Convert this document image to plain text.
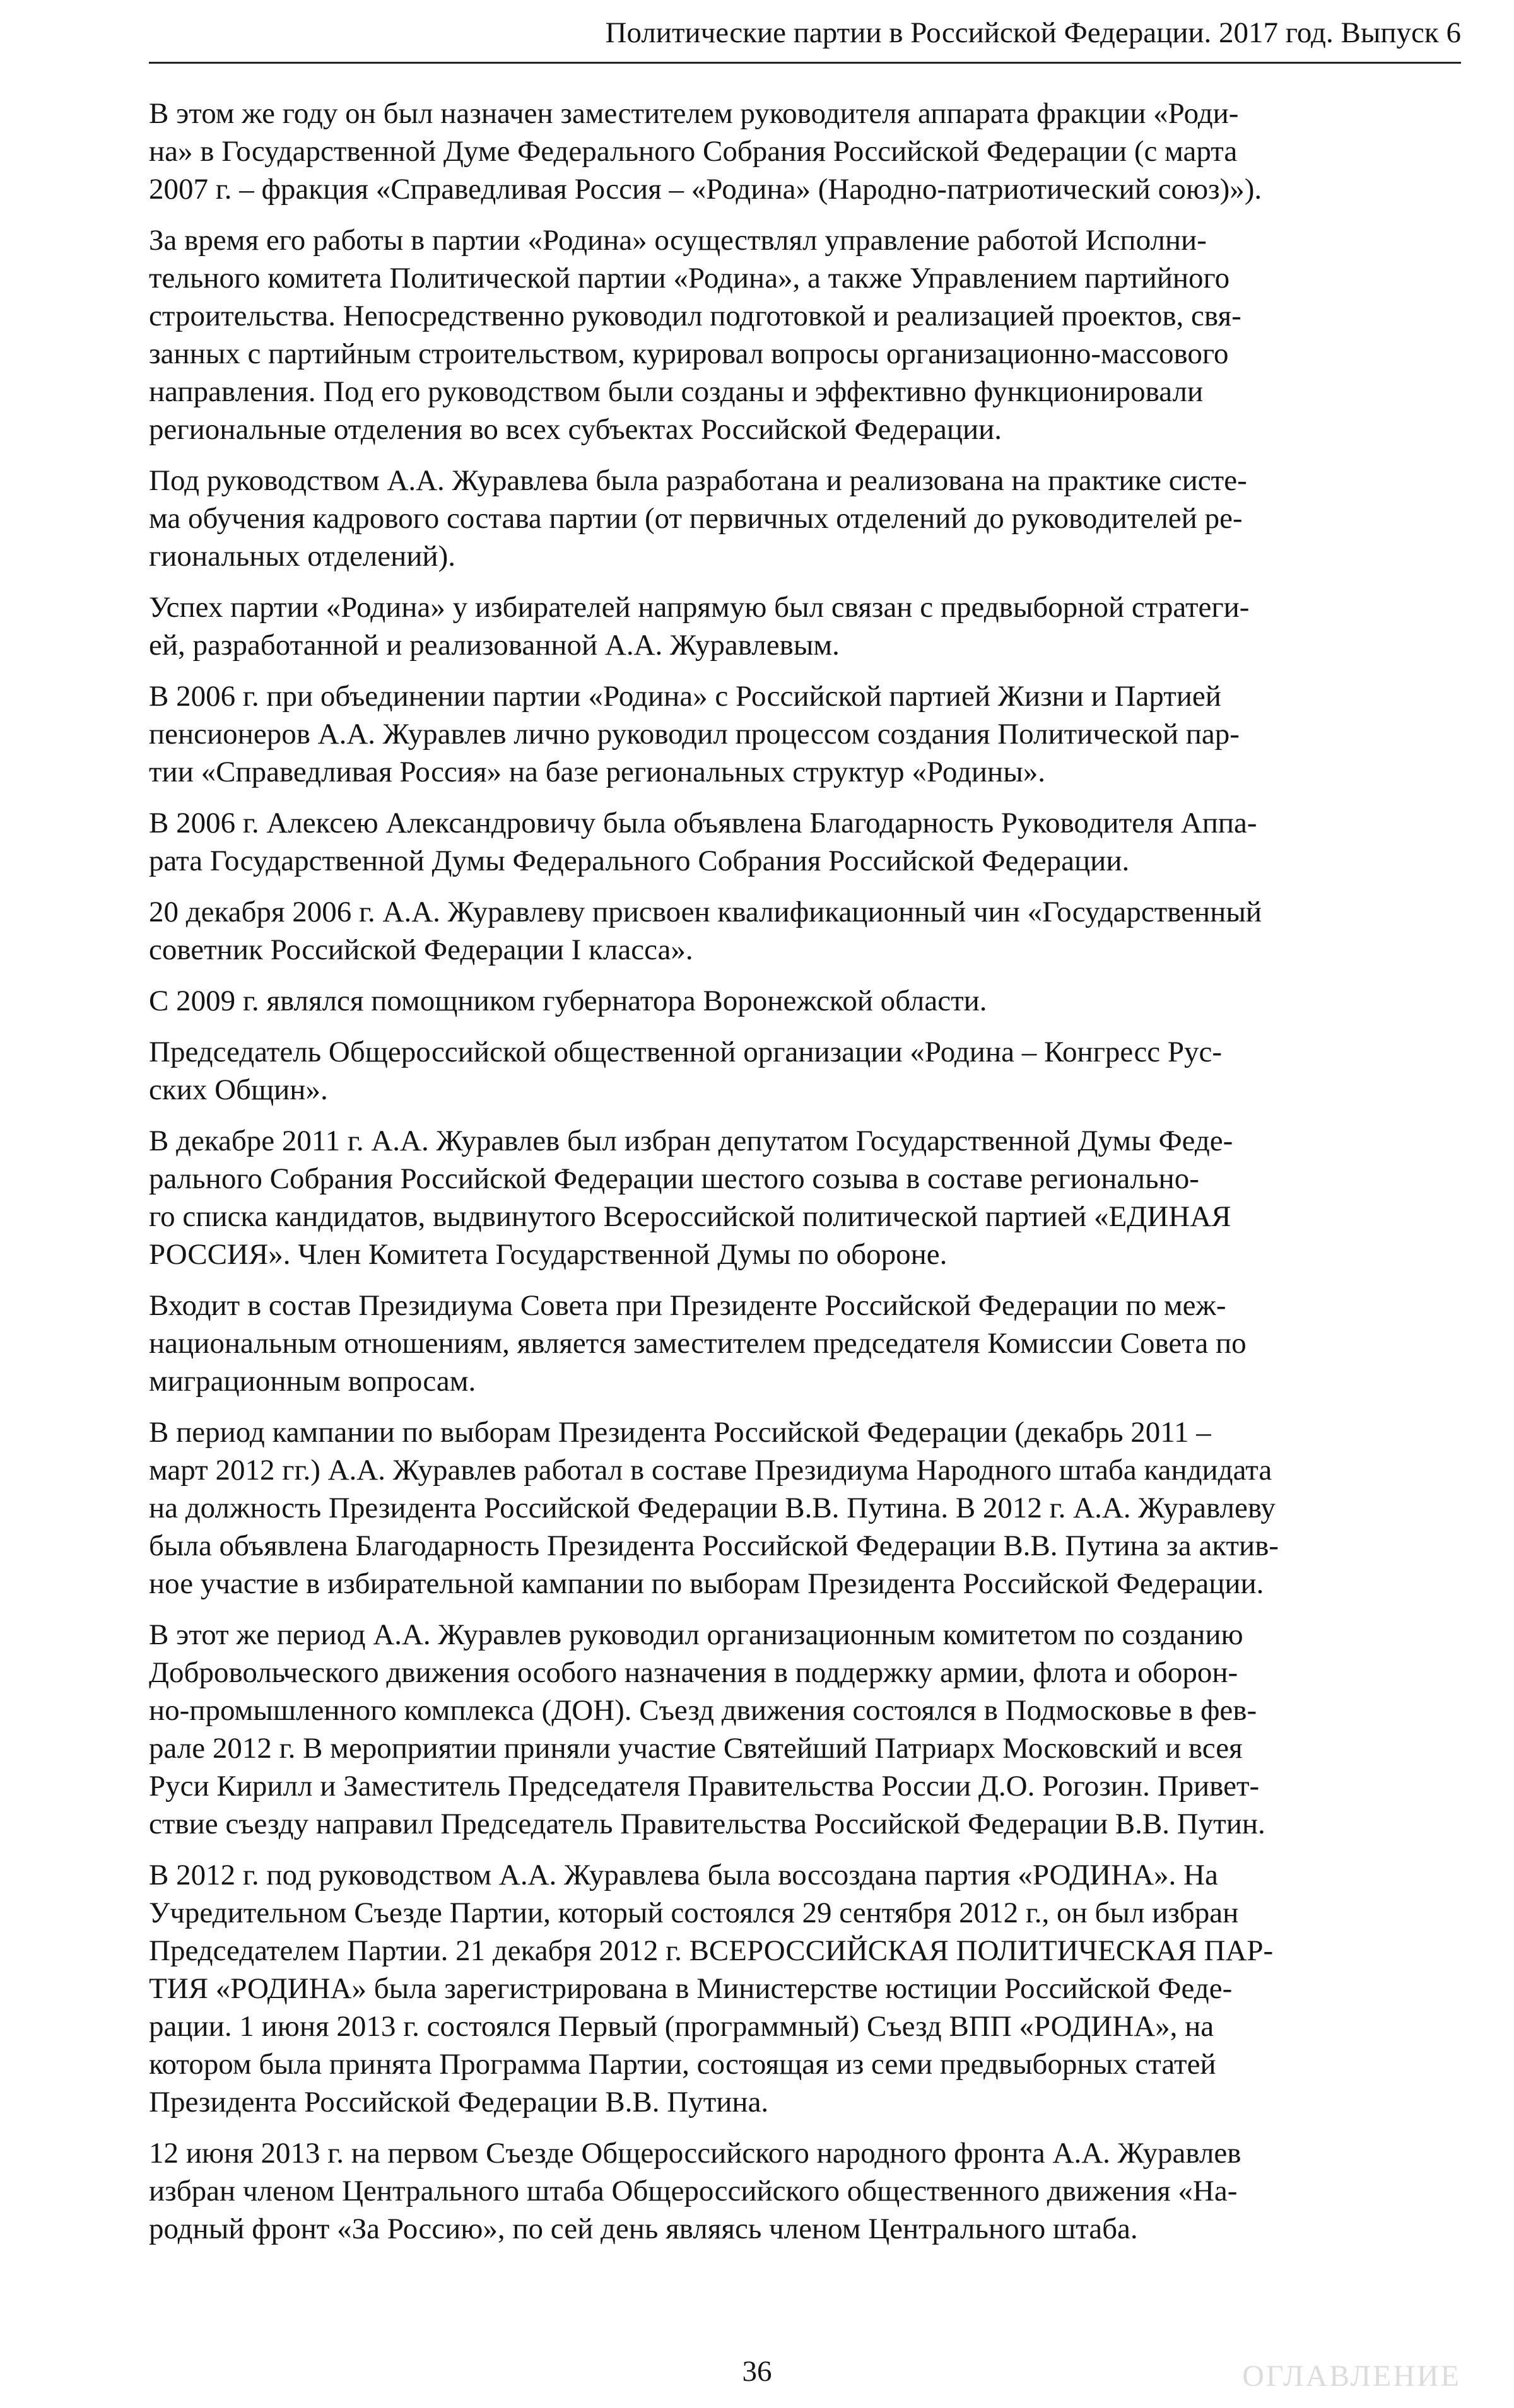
Политические партии в Российской Федерации. 2017 год. Выпуск 6

В этом же году он был назначен заместителем руководителя аппарата фракции «Роди-
на» в Государственной Думе Федерального Собрания Российской Федерации (с марта
2007 г. – фракция «Справедливая Россия – «Родина» (Народно-патриотический союз)»).

За время его работы в партии «Родина» осуществлял управление работой Исполни-
тельного комитета Политической партии «Родина», а также Управлением партийного
строительства. Непосредственно руководил подготовкой и реализацией проектов, свя-
занных с партийным строительством, курировал вопросы организационно-массового
направления. Под его руководством были созданы и эффективно функционировали
региональные отделения во всех субъектах Российской Федерации.

Под руководством А.А. Журавлева была разработана и реализована на практике систе-
ма обучения кадрового состава партии (от первичных отделений до руководителей ре-
гиональных отделений).

Успех партии «Родина» у избирателей напрямую был связан с предвыборной стратеги-
ей, разработанной и реализованной А.А. Журавлевым.

В 2006 г. при объединении партии «Родина» с Российской партией Жизни и Партией
пенсионеров А.А. Журавлев лично руководил процессом создания Политической пар-
тии «Справедливая Россия» на базе региональных структур «Родины».

В 2006 г. Алексею Александровичу была объявлена Благодарность Руководителя Аппа-
рата Государственной Думы Федерального Собрания Российской Федерации.

20 декабря 2006 г. А.А. Журавлеву присвоен квалификационный чин «Государственный
советник Российской Федерации I класса».

С 2009 г. являлся помощником губернатора Воронежской области.

Председатель Общероссийской общественной организации «Родина – Конгресс Рус-
ских Общин».

В декабре 2011 г. А.А. Журавлев был избран депутатом Государственной Думы Феде-
рального Собрания Российской Федерации шестого созыва в составе регионально-
го списка кандидатов, выдвинутого Всероссийской политической партией «ЕДИНАЯ
РОССИЯ». Член Комитета Государственной Думы по обороне.

Входит в состав Президиума Совета при Президенте Российской Федерации по меж-
национальным отношениям, является заместителем председателя Комиссии Совета по
миграционным вопросам.

В период кампании по выборам Президента Российской Федерации (декабрь 2011 –
март 2012 гг.) А.А. Журавлев работал в составе Президиума Народного штаба кандидата
на должность Президента Российской Федерации В.В. Путина. В 2012 г. А.А. Журавлеву
была объявлена Благодарность Президента Российской Федерации В.В. Путина за актив-
ное участие в избирательной кампании по выборам Президента Российской Федерации.

В этот же период А.А. Журавлев руководил организационным комитетом по созданию
Добровольческого движения особого назначения в поддержку армии, флота и оборон-
но-промышленного комплекса (ДОН). Съезд движения состоялся в Подмосковье в фев-
рале 2012 г. В мероприятии приняли участие Святейший Патриарх Московский и всея
Руси Кирилл и Заместитель Председателя Правительства России Д.О. Рогозин. Привет-
ствие съезду направил Председатель Правительства Российской Федерации В.В. Путин.

В 2012 г. под руководством А.А. Журавлева была воссоздана партия «РОДИНА». На
Учредительном Съезде Партии, который состоялся 29 сентября 2012 г., он был избран
Председателем Партии. 21 декабря 2012 г. ВСЕРОССИЙСКАЯ ПОЛИТИЧЕСКАЯ ПАР-
ТИЯ «РОДИНА» была зарегистрирована в Министерстве юстиции Российской Феде-
рации. 1 июня 2013 г. состоялся Первый (программный) Съезд ВПП «РОДИНА», на
котором была принята Программа Партии, состоящая из семи предвыборных статей
Президента Российской Федерации В.В. Путина.

12 июня 2013 г. на первом Съезде Общероссийского народного фронта А.А. Журавлев
избран членом Центрального штаба Общероссийского общественного движения «На-
родный фронт «За Россию», по сей день являясь членом Центрального штаба.

36	ОГЛАВЛЕНИЕ
